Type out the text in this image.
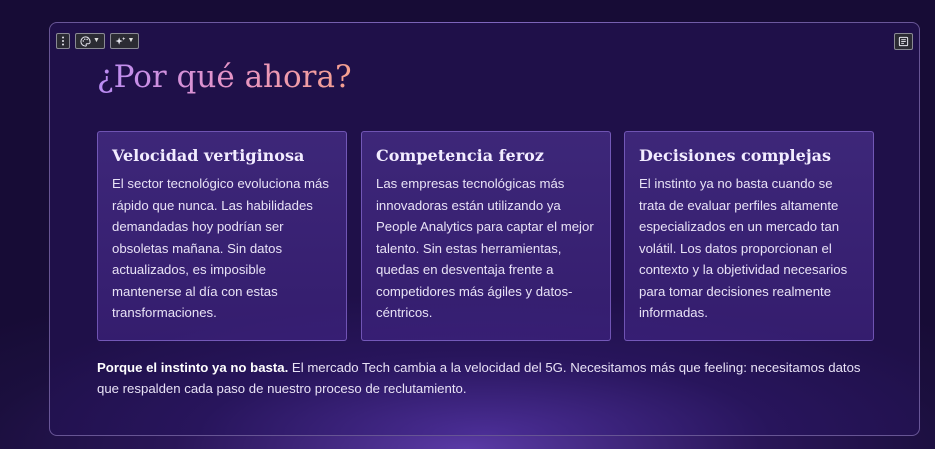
▼	▼
¿Por qué ahora?
Velocidad vertiginosa

El sector tecnológico evoluciona más rápido que nunca. Las habilidades demandadas hoy podrían ser obsoletas mañana. Sin datos actualizados, es imposible mantenerse al día con estas transformaciones.

Competencia feroz

Las empresas tecnológicas más innovadoras están utilizando ya People Analytics para captar el mejor talento. Sin estas herramientas, quedas en desventaja frente a competidores más ágiles y datos-céntricos.

Decisiones complejas

El instinto ya no basta cuando se trata de evaluar perfiles altamente especializados en un mercado tan volátil. Los datos proporcionan el contexto y la objetividad necesarios para tomar decisiones realmente informadas.

Porque el instinto ya no basta. El mercado Tech cambia a la velocidad del 5G. Necesitamos más que feeling: necesitamos datos que respalden cada paso de nuestro proceso de reclutamiento.
